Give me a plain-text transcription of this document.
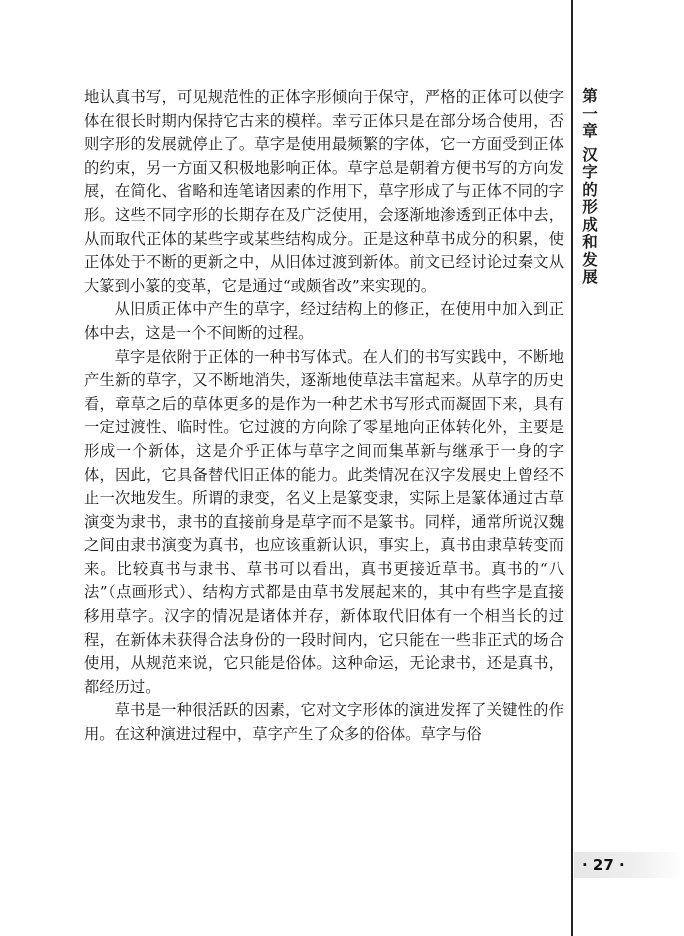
地认真书写，可见规范性的正体字形倾向于保守，严格的正体可以使字体在很长时期内保持它古来的模样。幸亏正体只是在部分场合使用，否则字形的发展就停止了。草字是使用最频繁的字体，它一方面受到正体的约束，另一方面又积极地影响正体。草字总是朝着方便书写的方向发展，在简化、省略和连笔诸因素的作用下，草字形成了与正体不同的字形。这些不同字形的长期存在及广泛使用，会逐渐地渗透到正体中去，从而取代正体的某些字或某些结构成分。正是这种草书成分的积累，使正体处于不断的更新之中，从旧体过渡到新体。前文已经讨论过秦文从大篆到小篆的变革，它是通过“或颇省改”来实现的。

从旧质正体中产生的草字，经过结构上的修正，在使用中加入到正体中去，这是一个不间断的过程。

草字是依附于正体的一种书写体式。在人们的书写实践中，不断地产生新的草字，又不断地消失，逐渐地使草法丰富起来。从草字的历史看，章草之后的草体更多的是作为一种艺术书写形式而凝固下来，具有一定过渡性、临时性。它过渡的方向除了零星地向正体转化外，主要是形成一个新体，这是介乎正体与草字之间而集革新与继承于一身的字体，因此，它具备替代旧正体的能力。此类情况在汉字发展史上曾经不止一次地发生。所谓的隶变，名义上是篆变隶，实际上是篆体通过古草演变为隶书，隶书的直接前身是草字而不是篆书。同样，通常所说汉魏之间由隶书演变为真书，也应该重新认识，事实上，真书由隶草转变而来。比较真书与隶书、草书可以看出，真书更接近草书。真书的“八法”（点画形式）、结构方式都是由草书发展起来的，其中有些字是直接移用草字。汉字的情况是诸体并存，新体取代旧体有一个相当长的过程，在新体未获得合法身份的一段时间内，它只能在一些非正式的场合使用，从规范来说，它只能是俗体。这种命运，无论隶书，还是真书，都经历过。

草书是一种很活跃的因素，它对文字形体的演进发挥了关键性的作用。在这种演进过程中，草字产生了众多的俗体。草字与俗

第一章
汉字的形成和发展
· 27 ·
